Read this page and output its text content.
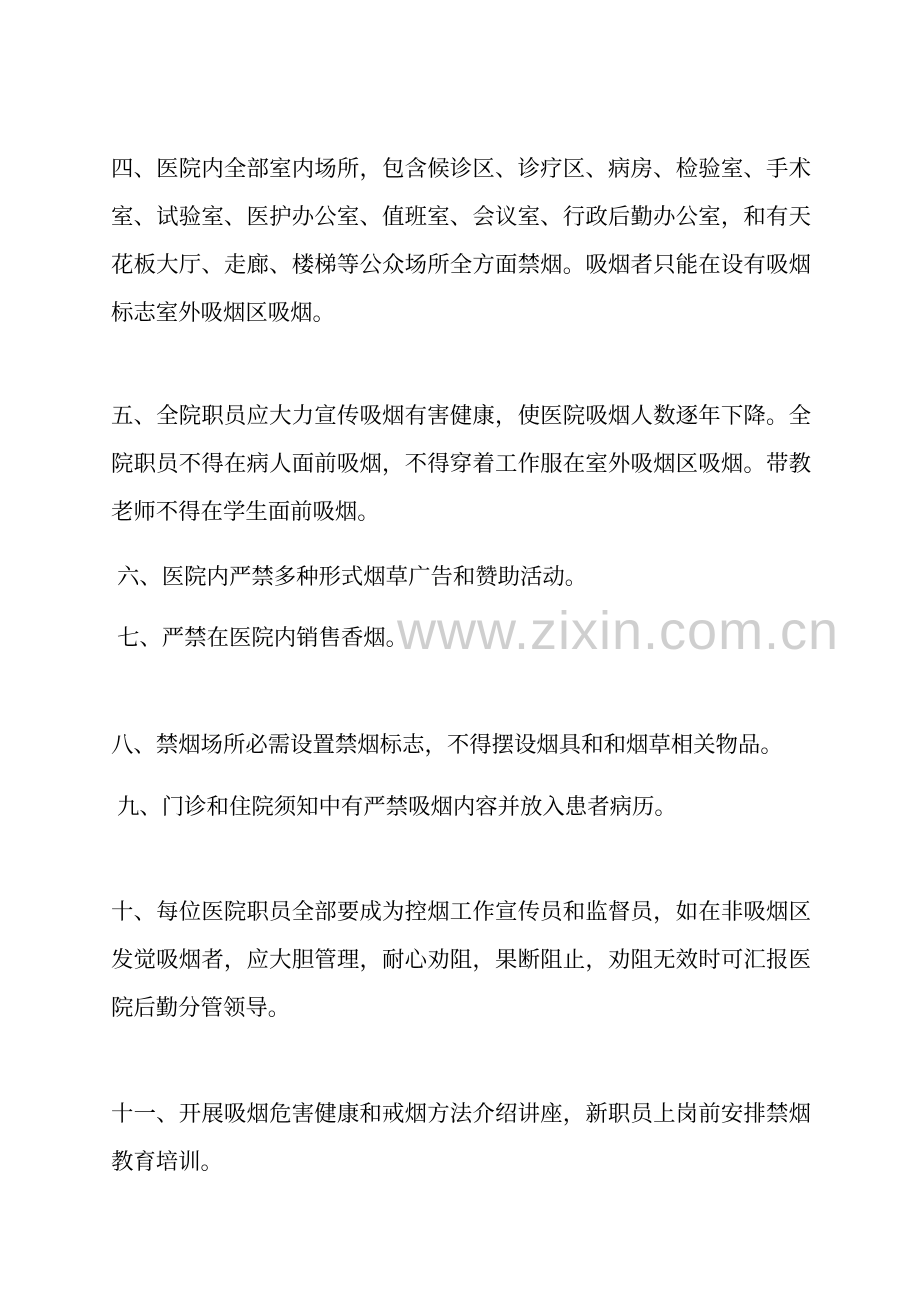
四、医院内全部室内场所，包含候诊区、诊疗区、病房、检验室、手术室、试验室、医护办公室、值班室、会议室、行政后勤办公室，和有天花板大厅、走廊、楼梯等公众场所全方面禁烟。吸烟者只能在设有吸烟标志室外吸烟区吸烟。

五、全院职员应大力宣传吸烟有害健康，使医院吸烟人数逐年下降。全院职员不得在病人面前吸烟，不得穿着工作服在室外吸烟区吸烟。带教老师不得在学生面前吸烟。

六、医院内严禁多种形式烟草广告和赞助活动。

七、严禁在医院内销售香烟。

八、禁烟场所必需设置禁烟标志，不得摆设烟具和和烟草相关物品。

九、门诊和住院须知中有严禁吸烟内容并放入患者病历。

十、每位医院职员全部要成为控烟工作宣传员和监督员，如在非吸烟区发觉吸烟者，应大胆管理，耐心劝阻，果断阻止，劝阻无效时可汇报医院后勤分管领导。

十一、开展吸烟危害健康和戒烟方法介绍讲座，新职员上岗前安排禁烟教育培训。

www.zixin.com.cn
